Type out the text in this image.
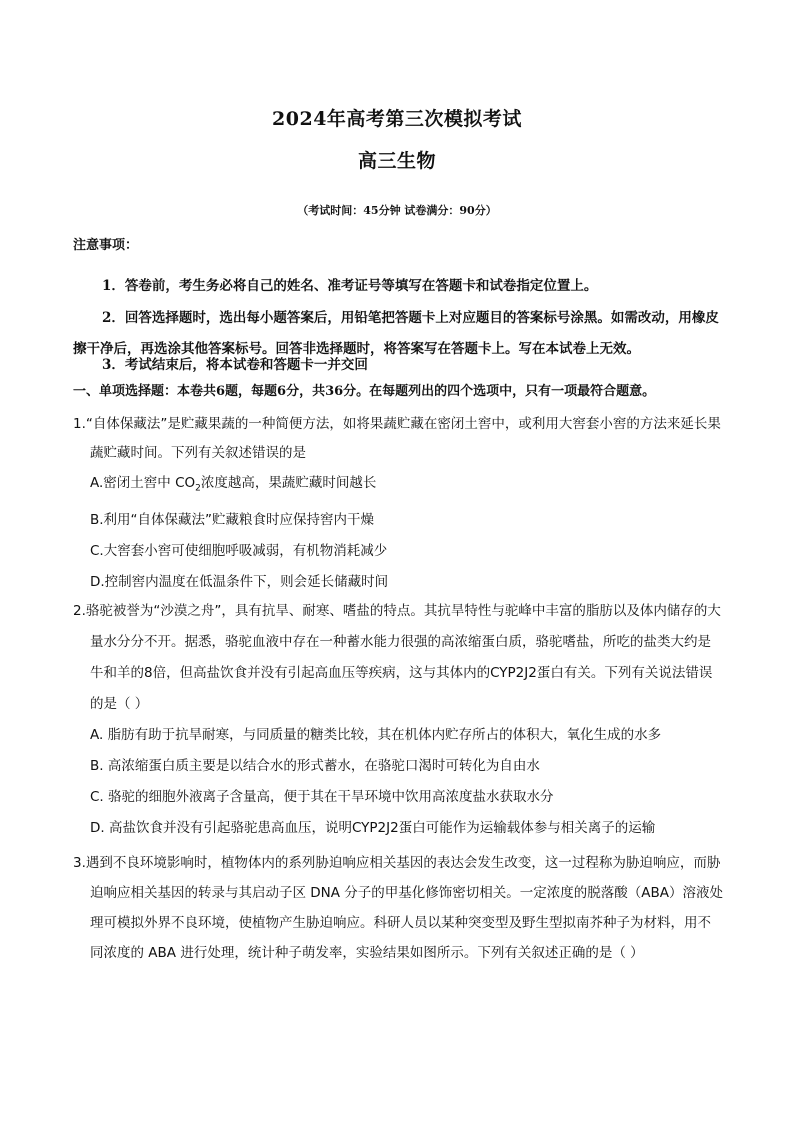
2024年高考第三次模拟考试
高三生物
（考试时间：45分钟 试卷满分：90分）
注意事项：

1．答卷前，考生务必将自己的姓名、准考证号等填写在答题卡和试卷指定位置上。

2．回答选择题时，选出每小题答案后，用铅笔把答题卡上对应题目的答案标号涂黑。如需改动，用橡皮擦干净后，再选涂其他答案标号。回答非选择题时，将答案写在答题卡上。写在本试卷上无效。

3．考试结束后，将本试卷和答题卡一并交回

一、单项选择题：本卷共6题，每题6分，共36分。在每题列出的四个选项中，只有一项最符合题意。

1.“自体保藏法”是贮藏果蔬的一种简便方法，如将果蔬贮藏在密闭土窖中，或利用大窖套小窖的方法来延长果蔬贮藏时间。下列有关叙述错误的是

A.密闭土窖中 $CO_2$浓度越高，果蔬贮藏时间越长

B.利用“自体保藏法”贮藏粮食时应保持窖内干燥

C.大窖套小窖可使细胞呼吸减弱，有机物消耗减少

D.控制窖内温度在低温条件下，则会延长储藏时间

2.骆驼被誉为“沙漠之舟”，具有抗旱、耐寒、嗜盐的特点。其抗旱特性与驼峰中丰富的脂肪以及体内储存的大量水分分不开。据悉，骆驼血液中存在一种蓄水能力很强的高浓缩蛋白质，骆驼嗜盐，所吃的盐类大约是牛和羊的8倍，但高盐饮食并没有引起高血压等疾病，这与其体内的CYP2J2蛋白有关。下列有关说法错误的是（ ）

A. 脂肪有助于抗旱耐寒，与同质量的糖类比较，其在机体内贮存所占的体积大，氧化生成的水多

B. 高浓缩蛋白质主要是以结合水的形式蓄水，在骆驼口渴时可转化为自由水

C. 骆驼的细胞外液离子含量高，便于其在干旱环境中饮用高浓度盐水获取水分

D. 高盐饮食并没有引起骆驼患高血压，说明CYP2J2蛋白可能作为运输载体参与相关离子的运输

3.遇到不良环境影响时，植物体内的系列胁迫响应相关基因的表达会发生改变，这一过程称为胁迫响应，而胁迫响应相关基因的转录与其启动子区 DNA 分子的甲基化修饰密切相关。一定浓度的脱落酸（ABA）溶液处理可模拟外界不良环境，使植物产生胁迫响应。科研人员以某种突变型及野生型拟南芥种子为材料，用不同浓度的 ABA 进行处理，统计种子萌发率，实验结果如图所示。下列有关叙述正确的是（ ）
